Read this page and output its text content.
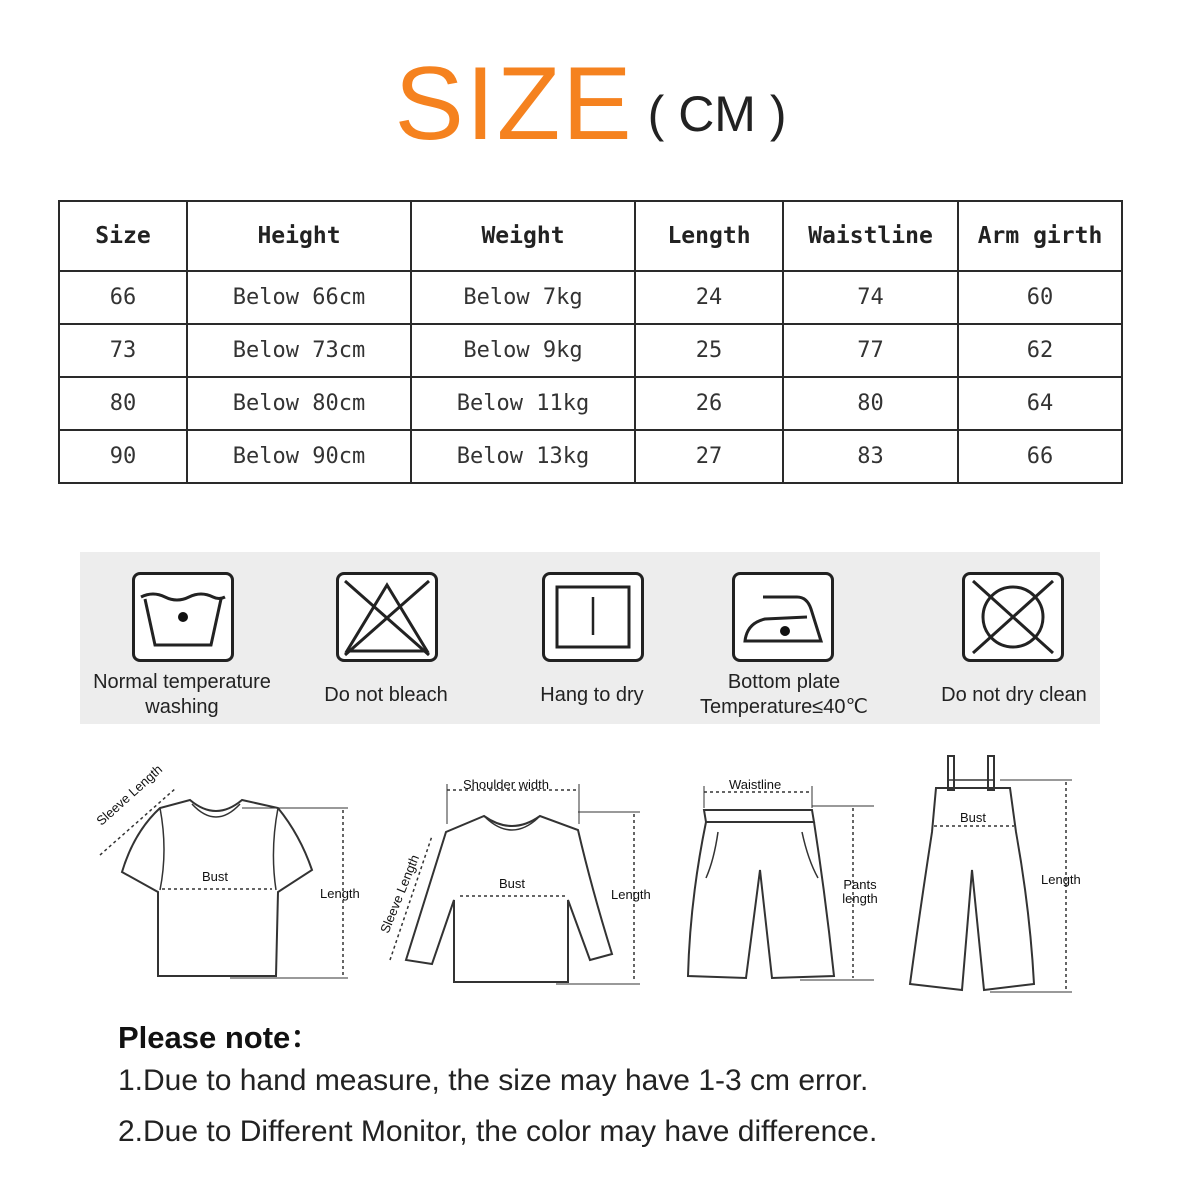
SIZE ( CM )
Size	Height	Weight	Length	Waistline	Arm girth
66	Below 66cm	Below 7kg	24	74	60
73	Below 73cm	Below 9kg	25	77	62
80	Below 80cm	Below 11kg	26	80	64
90	Below 90cm	Below 13kg	27	83	66
Normal temperature
washing
Do not bleach	Hang to dry
Bottom plate
Temperature≤40℃
Do not dry clean
Sleeve Length
Bust
Length
Shoulder width
Sleeve Length	Bust
Length
Waistline
Pants
length
Bust
Length
Please note：
1.Due to hand measure, the size may have 1-3 cm error.
2.Due to Different Monitor, the color may have difference.
